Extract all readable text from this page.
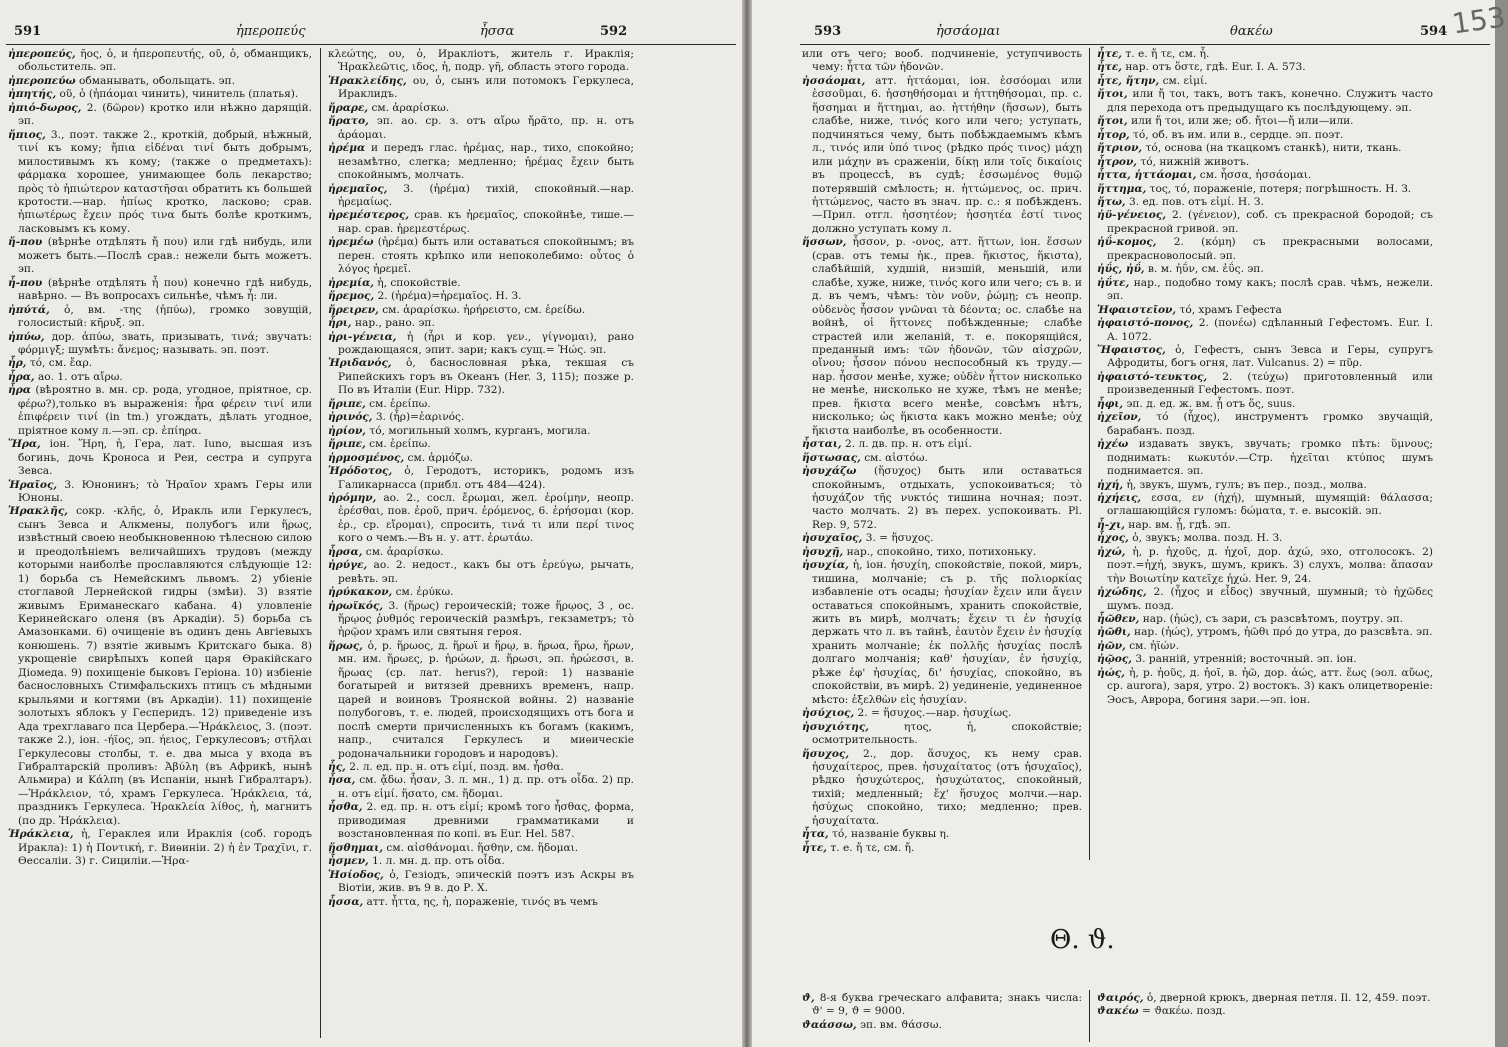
591	ἠπεροπεύς	ἧσσα	592

ἠπεροπεύς, ῆος, ὁ, и ἠπεροπευτής, οῦ, ὁ, обманщикъ, обольститель. эп.

ἠπεροπεύω обманывать, обольщать. эп.

ἠπητής, οῦ, ὁ (ἠπάομαι чинить), чинитель (платья).

ἠπιό-δωρος, 2. (δῶρον) кротко или нѣжно дарящій. эп.

ἤπιος, 3., поэт. также 2., кроткій, добрый, нѣжный, τινί къ кому; ἤπια εἰδέναι τινί быть добрымъ, милостивымъ къ кому; (также о предметахъ): φάρμακα хорошее, унимающее боль лекарство; πρὸς τὸ ἠπιώτερον καταστῆσαι обратить къ большей кротости.—нар. ἠπίως кротко, ласково; срав. ἠπιωτέρως ἔχειν πρός τινα быть болѣе кроткимъ, ласковымъ къ кому.

ἤ-που (вѣрнѣе отдѣлять ἤ που) или гдѣ нибудь, или можетъ быть.—Послѣ срав.: нежели быть можетъ. эп.

ἦ-που (вѣрнѣе отдѣлять ἦ που) конечно гдѣ нибудь, навѣрно. — Въ вопросахъ сильнѣе, чѣмъ ἦ: ли.

ἠπύτά, ὁ, вм. -της (ἠπύω), громко зовущій, голосистый: κῆρυξ. эп.

ἠπύω, дор. ἀπύω, звать, призывать, τινά; звучать: φόρμιγξ; шумѣть: ἄνεμος; называть. эп. поэт.

ἦρ, τό, см. ἔαρ.

ἦρα, ао. 1. отъ αἴρω.

ἦρα (вѣроятно в. мн. ср. рода, угодное, пріятное, ср. φέρω?),только въ выраженія: ἦρα φέρειν τινί или ἐπιφέρειν τινί (in tm.) угождать, дѣлать угодное, пріятное кому л.—эп. ср. ἐπίηρα.

Ἥρα, іон. Ἥρη, ἡ, Гера, лат. Iuno, высшая изъ богинь, дочь Кроноса и Реи, сестра и супруга Зевса.

Ἡραῖος, 3. Юнонинъ; τὸ Ἡραῖον храмъ Геры или Юноны.

Ἡρακλῆς, сокр. -κλῆς, ὁ, Иракль или Геркулесъ, сынъ Зевса и Алкмены, полубогъ или ἥρως, извѣстный своею необыкновенною тѣлесною силою и преодолѣніемъ величайшихъ трудовъ (между которыми наиболѣе прославляются слѣдующіе 12: 1) борьба съ Немейскимъ львомъ. 2) убіеніе стоглавой Лернейской гидры (змѣи). 3) взятіе живымъ Ериманескаго кабана. 4) уловленіе Керинейскаго оленя (въ Аркадіи). 5) борьба съ Амазонками. 6) очищеніе въ одинъ день Авгіевыхъ конюшень. 7) взятіе живымъ Критскаго быка. 8) укрощеніе свирѣпыхъ копей царя Ѳракійскаго Діомеда. 9) похищеніе быковъ Геріона. 10) избіеніе баснословныхъ Стимфальскихъ птицъ съ мѣдными крыльями и когтями (въ Аркадіи). 11) похищеніе золотыхъ яблокъ у Гесперидъ. 12) приведеніе изъ Ада трехглаваго пса Цербера.—Ἡράκλειος, 3. (поэт. также 2.), іон. -ήϊος, эп. ήειος, Геркулесовъ; στῆλαι Геркулесовы столбы, т. е. два мыса у входа въ Гибралтарскій проливъ: Ἀβύλη (въ Африкѣ, нынѣ Альмира) и Κάλπη (въ Испаніи, нынѣ Гибралтаръ).—Ἡράκλειον, τό, храмъ Геркулеса. Ἡράκλεια, τά, праздникъ Геркулеса. Ἡρακλεία λίθος, ἡ, магнитъ (по др. Ἡράκλεια).

Ἡράκλεια, ἡ, Гераклея или Ираклія (соб. городъ Иракла): 1) ἡ Ποντική, г. Виѳиніи. 2) ἡ ἐν Τραχῖνι, г. Ѳессаліи. 3) г. Сициліи.—Ἡρα-

κλεώτης, ου, ὁ, Иракліотъ, житель г. Ираклія; Ἡρακλεῶτις, ιδος, ἡ, подр. γῆ, область этого города.

Ἡρακλείδης, ου, ὁ, сынъ или потомокъ Геркулеса, Ираклидъ.

ἤραρε, см. ἀραρίσκω.

ἤρατο, эп. ао. ср. з. отъ αἴρω ἤρᾶτο, пр. н. отъ ἀράομαι.

ἠρέμα и передъ глас. ἠρέμας, нар., тихо, спокойно; незамѣтно, слегка; медленно; ἠρέμας ἔχειν быть спокойнымъ, молчать.

ἠρεμαῖος, 3. (ἠρέμα) тихій, спокойный.—нар. ἠρεμαίως.

ἠρεμέστερος, срав. къ ἠρεμαῖος, спокойнѣе, тише.—нар. срав. ἠρεμεστέρως.

ἠρεμέω (ἠρέμα) быть или оставаться спокойнымъ; въ перен. стоять крѣпко или непоколебимо: οὗτος ὁ λόγος ἠρεμεῖ.

ἠρεμία, ἡ, спокойствіе.

ἤρεμος, 2. (ἠρέμα)=ἠρεμαῖος. Н. З.

ἤρειρεν, см. ἀραρίσκω. ἠρήρειστο, см. ἐρείδω.

ἦρι, нар., рано. эп.

ἠρι-γένεια, ἡ (ἦρι и кор. γεν., γίγνομαι), рано рождающаяся, эпит. зари; какъ сущ.= Ἠώς. эп.

Ἠριδανός, ὁ, баснословная рѣка, текшая съ Рипейскихъ горъ въ Океанъ (Her. 3, 115); позже р. По въ Италіи (Eur. Hipp. 732).

ἤριπε, см. ἐρείπω.

ἠρινός, 3. (ἦρ)=ἐαρινός.

ἠρίον, τό, могильный холмъ, курганъ, могила.

ἤριπε, см. ἐρείπω.

ἡρμοσμένος, см. ἁρμόζω.

Ἡρόδοτος, ὁ, Геродотъ, историкъ, родомъ изъ Галикарнасса (прибл. отъ 484—424).

ἠρόμην, ао. 2., сосл. ἔρωμαι, жел. ἐροίμην, неопр. ἐρέσθαι, пов. ἐροῦ, прич. ἐρόμενος, 6. ἐρήσομαι (кор. ἐρ., ср. εἴρομαι), спросить, τινά τι или περί τινος кого о чемъ.—Въ н. у. атт. ἐρωτάω.

ἦρσα, см. ἀραρίσκω.

ἠρύγε, ао. 2. недост., какъ бы отъ ἐρεύγω, рычать, ревѣть. эп.

ἠρύκακον, см. ἐρύκω.

ἡρωϊκός, 3. (ἥρως) героическій; тоже ἥρῳος, 3 , ос. ἥρῳος ῥυθμός героическій размѣръ, гекзаметръ; τὸ ἡρῷον храмъ или святыня героя.

ἥρως, ὁ, р. ἥρωος, д. ἥρωϊ и ἥρῳ, в. ἥρωα, ἥρω, ἥρων, мн. им. ἥρωες, р. ἡρώων, д. ἥρωσι, эп. ἡρώεσσι, в. ἥρωας (ср. лат. herus?), герой: 1) названіе богатырей и витязей древнихъ временъ, напр. царей и воиновъ Троянской войны. 2) названіе полубоговъ, т. е. людей, происходящихъ отъ бога и послѣ смерти причисленныхъ къ богамъ (какимъ, напр., считался Геркулесъ и миѳическіе родоначальники городовъ и народовъ).

ἧς, 2. л. ед. пр. н. отъ εἰμί, позд. вм. ἦσθα.

ἦσα, см. ᾄδω. ἦσαν, 3. л. мн., 1) д. пр. отъ οἶδα. 2) пр. н. отъ εἰμί. ἥσατο, см. ἥδομαι.

ἦσθα, 2. ед. пр. н. отъ εἰμί; кромѣ того ἦσθας, форма, приводимая древними грамматиками и возстановленная по копі. въ Eur. Hel. 587.

ᾔσθημαι, см. αἰσθάνομαι. ἥσθην, см. ἥδομαι.

ἦσμεν, 1. л. мн. д. пр. отъ οἶδα.

Ἡσίοδος, ὁ, Гезіодъ, эпическій поэтъ изъ Аскры въ Віотіи, жив. въ 9 в. до Р. Х.

ἧσσα, атт. ἧττα, ης, ἡ, пораженіе, τινός въ чемъ

593	ἡσσάομαι	θακέω	594 153

или отъ чего; вооб. подчиненіе, уступчивость чему: ἧττα τῶν ἡδονῶν.

ἡσσάομαι, атт. ἡττάομαι, іон. ἑσσόομαι или ἑσσοῦμαι, 6. ἡσσηθήσομαι и ἡττηθήσομαι, пр. с. ἥσσημαι и ἥττημαι, ао. ἡττήθην (ἥσσων), быть слабѣе, ниже, τινός кого или чего; уступать, подчиняться чему, быть побѣждаемымъ кѣмъ л., τινός или ὑπό τινος (рѣдко πρός τινος) μάχῃ или μάχην въ сраженіи, δίκῃ или τοῖς δικαίοις въ процессѣ, въ судѣ; ἑσσωμένος θυμῷ потерявшій смѣлость; н. ἡττώμενος, ос. прич. ἡττώμενος, часто въ знач. пр. с.: я побѣжденъ.—Прил. отгл. ἡσσητέον; ἡσσητέα ἐστί τινος должно уступать кому л.

ἥσσων, ἧσσον, р. -ονος, атт. ἥττων, іон. ἕσσων (срав. отъ темы ἡκ., прев. ἥκιστος, ἥκιστα), слабѣйшій, худшій, низшій, меньшій, или слабѣе, хуже, ниже, τινός кого или чего; съ в. и д. въ чемъ, чѣмъ: τὸν νοῦν, ῥώμῃ; съ неопр. οὐδενὸς ἧσσον γνῶναι τὰ δέοντα; ос. слабѣе на войнѣ, οἱ ἥττονες побѣжденные; слабѣе страстей или желаній, т. е. покорящійся, преданный имъ: τῶν ἡδονῶν, τῶν αἰσχρῶν, οἴνου; ἧσσον πόνου неспособный къ труду.—нар. ἧσσον менѣе, хуже; οὐδὲν ἧττον нисколько не менѣе, нисколько не хуже, тѣмъ не менѣе; прев. ἥκιστα всего менѣе, совсѣмъ нѣтъ, нисколько; ὡς ἥκιστα какъ можно менѣе; οὐχ ἥκιστα наиболѣе, въ особенности.

ἧσται, 2. л. дв. пр. н. отъ εἰμί.

ἥστωσας, см. αἰστόω.

ἡσυχάζω (ἥσυχος) быть или оставаться спокойнымъ, отдыхать, успокоиваться; τὸ ἡσυχάζον τῆς νυκτός тишина ночная; поэт. часто молчать. 2) въ перех. успокоивать. Pl. Rep. 9, 572.

ἡσυχαῖος, 3. = ἥσυχος.

ἡσυχῇ, нар., спокойно, тихо, потихоньку.

ἡσυχία, ἡ, іон. ἡσυχίη, спокойствіе, покой, миръ, тишина, молчаніе; съ р. τῆς πολιορκίας избавленіе отъ осады; ἡσυχίαν ἔχειν или ἄγειν оставаться спокойнымъ, хранить спокойствіе, жить въ мирѣ, молчать; ἔχειν τι ἐν ἡσυχίᾳ держать что л. въ тайнѣ, ἑαυτὸν ἔχειν ἐν ἡσυχίᾳ хранить молчаніе; ἐκ πολλῆς ἡσυχίας послѣ долгаго молчанія; καθ' ἡσυχίαν, ἐν ἡσυχίᾳ, рѣже ἐφ' ἡσυχίας, δι' ἡσυχίας, спокойно, въ спокойствіи, въ мирѣ. 2) уединеніе, уединенное мѣсто: ἐξελθὼν εἰς ἡσυχίαν.

ἡσύχιος, 2. = ἥσυχος.—нар. ἡσυχίως.

ἡσυχιότης,	ητος, ἡ, спокойствіе; осмотрительность.

ἥσυχος, 2., дор. ἅσυχος, къ нему срав. ἡσυχαίτερος, прев. ἡσυχαίτατος (отъ ἡσυχαῖος), рѣдко ἡσυχώτερος, ἡσυχώτατος, спокойный, тихій; медленный; ἔχ' ἥσυχος молчи.—нар. ἡσύχως спокойно, тихо; медленно; прев. ἡσυχαίτατα.

ἦτα, τό, названіе буквы η.

ἦτε, т. е. ἤ τε, см. ἤ.

ἦτε, т. е. ἤ τε, см. ἦ.

ἦτε, нар. отъ ὅστε, гдѣ. Eur. I. A. 573.

ἦτε, ἤτην, см. εἰμί.

ἤτοι, или ἤ τοι, такъ, вотъ такъ, конечно. Служитъ часто для перехода отъ предыдущаго къ послѣдующему. эп.

ἤτοι, или ἤ τοι, или же; об. ἤτοι—ἤ или—или.

ἦτορ, τό, об. въ им. или в., сердце. эп. поэт.

ἤτριον, τό, основа (на ткацкомъ станкѣ), нити, ткань.

ἦτρον, τό, нижній животъ.

ἧττα, ἡττάομαι, см. ἧσσα, ἡσσάομαι.

ἥττημα, τος, τό, пораженіе, потеря; погрѣшность. Н. З.

ἤτω, 3. ед. пов. отъ εἰμί. Н. З.

ἠϋ-γένειος, 2. (γένειον), соб. съ прекрасной бородой; съ прекрасной гривой. эп.

ἠΰ-κομος, 2. (κόμη) съ прекрасными волосами, прекрасноволосый. эп.

ἠΰς, ἠΰ, в. м. ἠΰν, см. ἐΰς. эп.

ἠΰτε, нар., подобно тому какъ; послѣ срав. чѣмъ, нежели. эп.

Ἡφαιστεῖον, τό, храмъ Гефеста

ἡφαιστό-πονος, 2. (πονέω) сдѣланный Гефестомъ. Eur. I. A. 1072.

Ἥφαιστος, ὁ, Гефестъ, сынъ Зевса и Геры, супругъ Афродиты, богъ огня, лат. Vulcanus. 2) = πῦρ.

ἡφαιστό-τευκτος, 2. (τεύχω) приготовленный или произведенный Гефестомъ. поэт.

ἧφι, эп. д. ед. ж. вм. ᾗ отъ ὅς, suus.

ἠχεῖον, τό (ἦχος), инструментъ громко звучащій, барабанъ. позд.

ἠχέω издавать звукъ, звучать; громко пѣть: ὕμνους; поднимать: κωκυτόν.—Стр. ἠχεῖται κτύπος шумъ поднимается. эп.

ἠχή, ἡ, звукъ, шумъ, гулъ; въ пер., позд., молва.

ἠχήεις, εσσα, εν (ἠχή), шумный, шумящій: θάλασσα; оглашающійся гуломъ: δώματα, т. е. высокій. эп.

ἦ-χι, нар. вм. ᾗ, гдѣ. эп.

ἦχος, ὁ, звукъ; молва. позд. Н. З.

ἠχώ, ἡ, р. ἠχοῦς, д. ἠχοῖ, дор. ἀχώ, эхо, отголосокъ. 2) поэт.=ἠχή, звукъ, шумъ, крикъ. 3) слухъ, молва: ἅπασαν τὴν Βοιωτίην κατεῖχε ἠχώ. Her. 9, 24.

ἠχώδης, 2. (ἦχος и εἶδος) звучный, шумный; τὸ ἠχῶδες шумъ. позд.

ἦῶθεν, нар. (ἠώς), съ зари, съ разсвѣтомъ, поутру. эп.

ἠῶθι, нар. (ἠώς), утромъ, ἠῶθι πρό до утра, до разсвѣта. эп.

ἠῶν, см. ἠϊών.

ἠῷος, 3. ранній, утренній; восточный. эп. іон.

ἠώς, ἡ, р. ἠοῦς, д. ἠοῖ, в. ἠῶ, дор. ἀώς, атт. ἕως (эол. αὔως, ср. aurora), заря, утро. 2) востокъ. 3) какъ олицетвореніе: Эосъ, Аврора, богиня зари.—эп. іон.

Θ. ϑ.

ϑ, 8-я буква греческаго алфавита; знакъ числа: ϑ' = 9, ϑ = 9000.

ϑαάσσω, эп. вм. ϑάσσω.

ϑαιρός, ὁ, дверной крюкъ, дверная петля. Il. 12, 459. поэт.

ϑακέω = ϑακέω. позд.
